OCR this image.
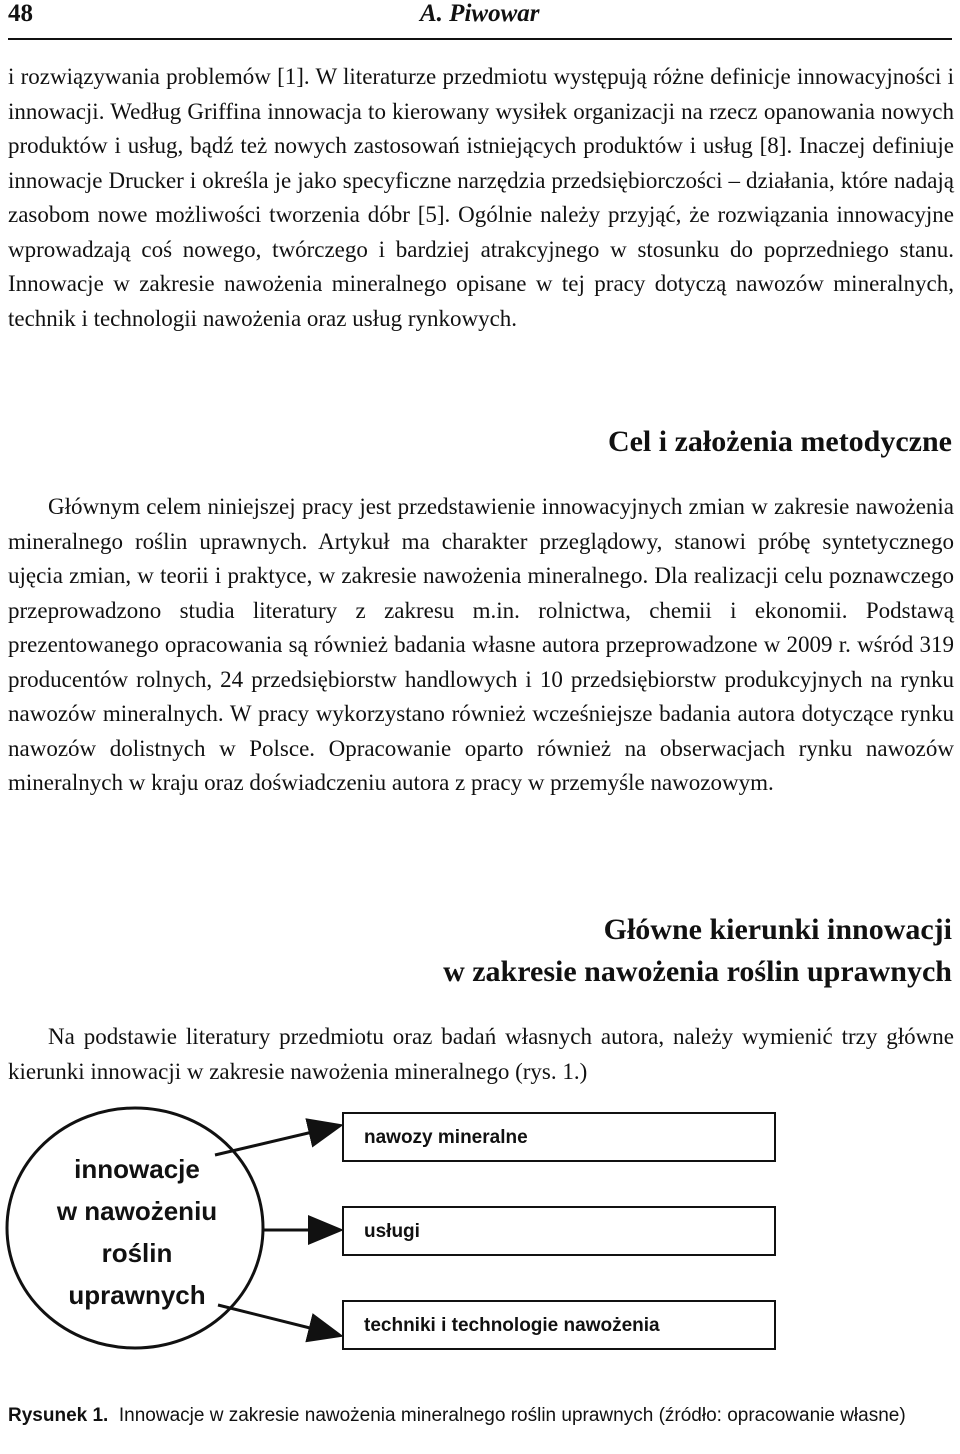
48	A. Piwowar

i rozwiązywania problemów [1]. W literaturze przedmiotu występują różne definicje innowacyjności i innowacji. Według Griffina innowacja to kierowany wysiłek organizacji na rzecz opanowania nowych produktów i usług, bądź też nowych zastosowań istniejących produktów i usług [8]. Inaczej definiuje innowacje Drucker i określa je jako specyficzne narzędzia przedsiębiorczości – działania, które nadają zasobom nowe możliwości tworzenia dóbr [5]. Ogólnie należy przyjąć, że rozwiązania innowacyjne wprowadzają coś nowego, twórczego i bardziej atrakcyjnego w stosunku do poprzedniego stanu. Innowacje w zakresie nawożenia mineralnego opisane w tej pracy dotyczą nawozów mineralnych, technik i technologii nawożenia oraz usług rynkowych.

Cel i założenia metodyczne

Głównym celem niniejszej pracy jest przedstawienie innowacyjnych zmian w zakresie nawożenia mineralnego roślin uprawnych. Artykuł ma charakter przeglądowy, stanowi próbę syntetycznego ujęcia zmian, w teorii i praktyce, w zakresie nawożenia mineralnego. Dla realizacji celu poznawczego przeprowadzono studia literatury z zakresu m.in. rolnictwa, chemii i ekonomii. Podstawą prezentowanego opracowania są również badania własne autora przeprowadzone w 2009 r. wśród 319 producentów rolnych, 24 przedsiębiorstw handlowych i 10 przedsiębiorstw produkcyjnych na rynku nawozów mineralnych. W pracy wykorzystano również wcześniejsze badania autora dotyczące rynku nawozów dolistnych w Polsce. Opracowanie oparto również na obserwacjach rynku nawozów mineralnych w kraju oraz doświadczeniu autora z pracy w przemyśle nawozowym.

Główne kierunki innowacji
w zakresie nawożenia roślin uprawnych

Na podstawie literatury przedmiotu oraz badań własnych autora, należy wymienić trzy główne kierunki innowacji w zakresie nawożenia mineralnego (rys. 1.)

innowacje
w nawożeniu
roślin
uprawnych
nawozy mineralne
usługi
techniki i technologie nawożenia

Rysunek 1. Innowacje w zakresie nawożenia mineralnego roślin uprawnych (źródło: opracowanie własne)
